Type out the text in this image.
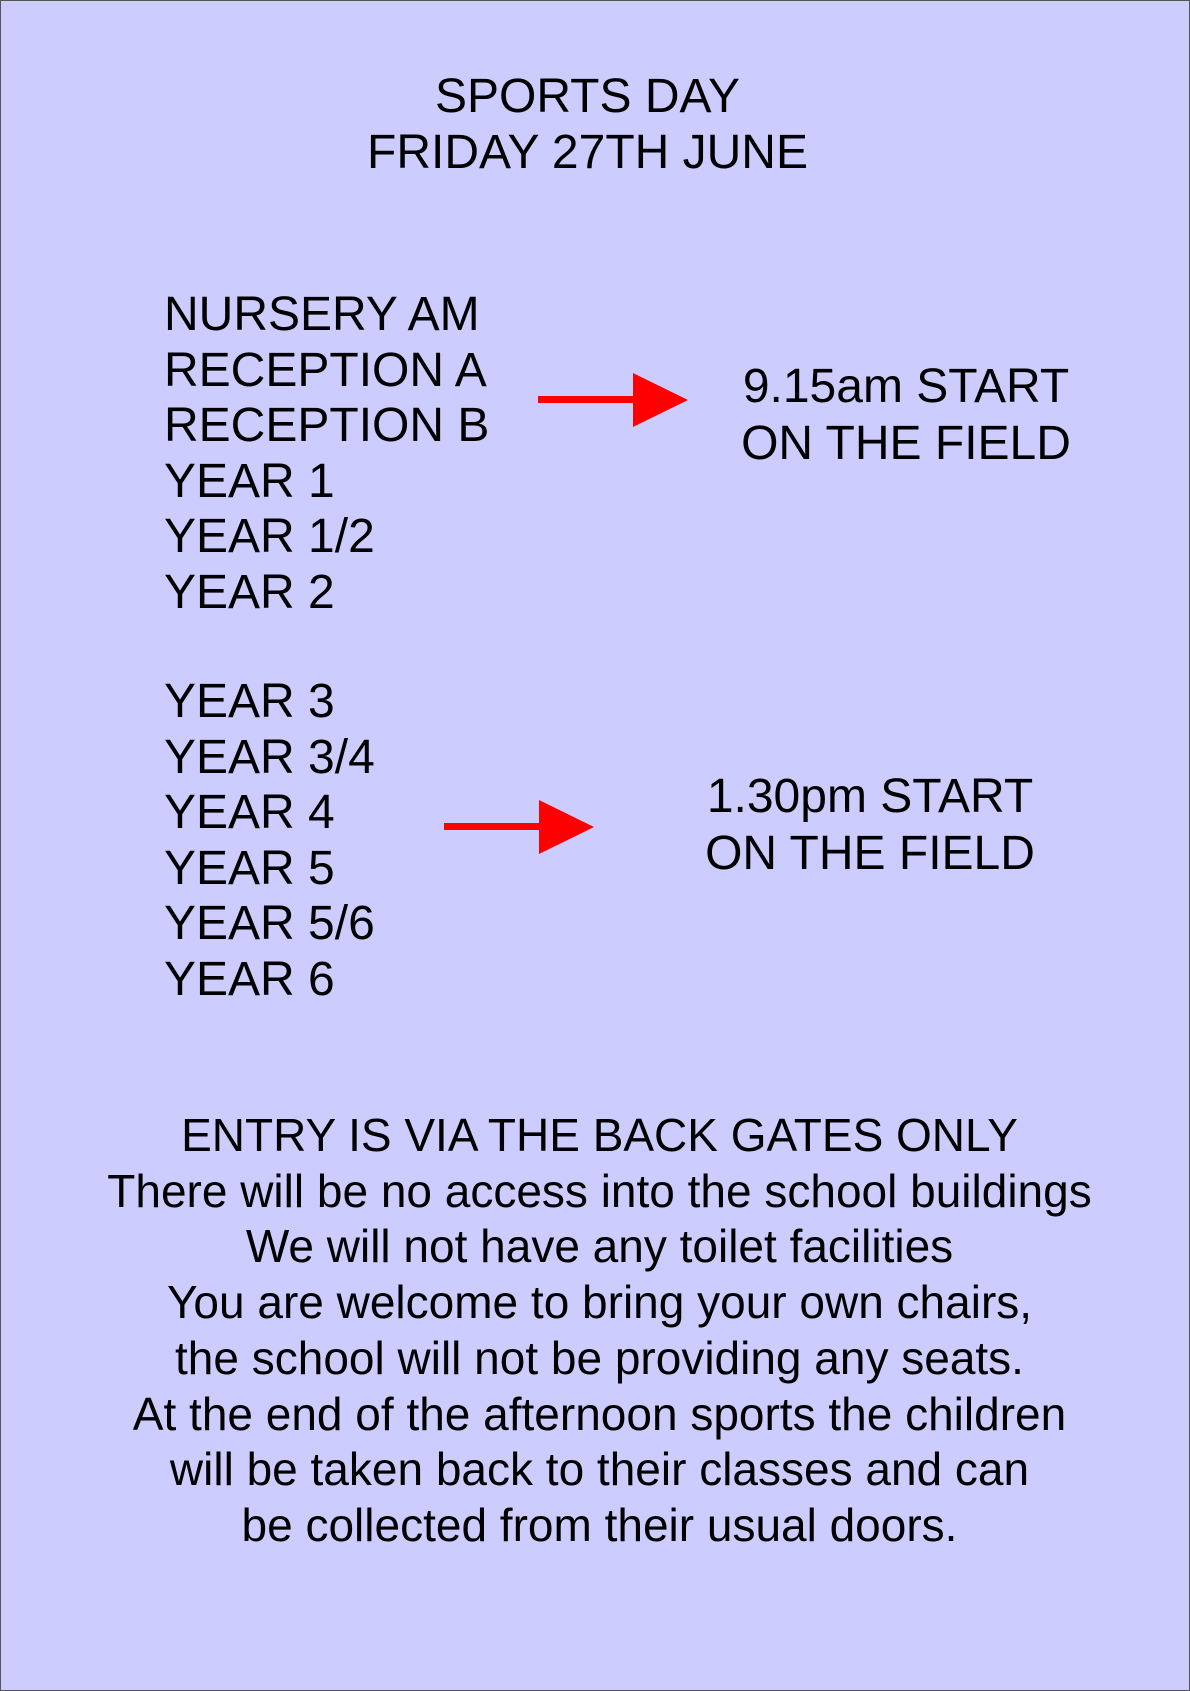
SPORTS DAY
FRIDAY 27TH JUNE
NURSERY AM
RECEPTION A
RECEPTION B
YEAR 1
YEAR 1/2
YEAR 2
9.15am START
ON THE FIELD
YEAR 3
YEAR 3/4
YEAR 4
YEAR 5
YEAR 5/6
YEAR 6
1.30pm START
ON THE FIELD
ENTRY IS VIA THE BACK GATES ONLY
There will be no access into the school buildings
We will not have any toilet facilities
You are welcome to bring your own chairs,
the school will not be providing any seats.
At the end of the afternoon sports the children
will be taken back to their classes and can
be collected from their usual doors.
